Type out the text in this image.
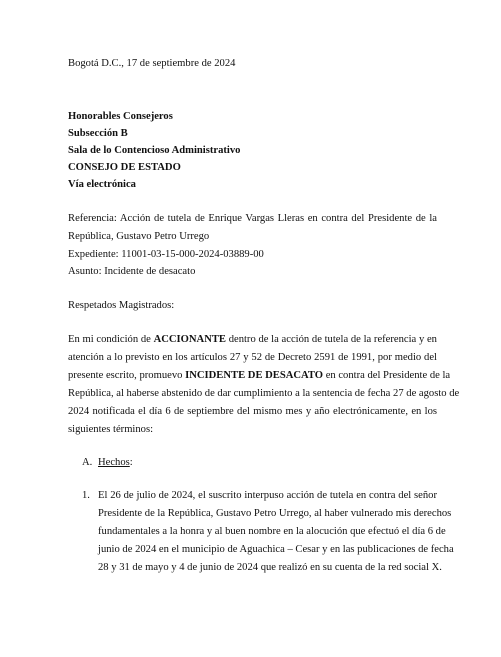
Bogotá D.C., 17 de septiembre de 2024
Honorables Consejeros
Subsección B
Sala de lo Contencioso Administrativo
CONSEJO DE ESTADO
Vía electrónica
Referencia: Acción de tutela de Enrique Vargas Lleras en contra del Presidente de la
República, Gustavo Petro Urrego
Expediente: 11001-03-15-000-2024-03889-00
Asunto: Incidente de desacato
Respetados Magistrados:
En mi condición de ACCIONANTE dentro de la acción de tutela de la referencia y en
atención a lo previsto en los artículos 27 y 52 de Decreto 2591 de 1991, por medio del
presente escrito, promuevo INCIDENTE DE DESACATO en contra del Presidente de la
República, al haberse abstenido de dar cumplimiento a la sentencia de fecha 27 de agosto de
2024 notificada el día 6 de septiembre del mismo mes y año electrónicamente, en los
siguientes términos:
A. Hechos:
1. El 26 de julio de 2024, el suscrito interpuso acción de tutela en contra del señor
Presidente de la República, Gustavo Petro Urrego, al haber vulnerado mis derechos
fundamentales a la honra y al buen nombre en la alocución que efectuó el día 6 de
junio de 2024 en el municipio de Aguachica – Cesar y en las publicaciones de fecha
28 y 31 de mayo y 4 de junio de 2024 que realizó en su cuenta de la red social X.
